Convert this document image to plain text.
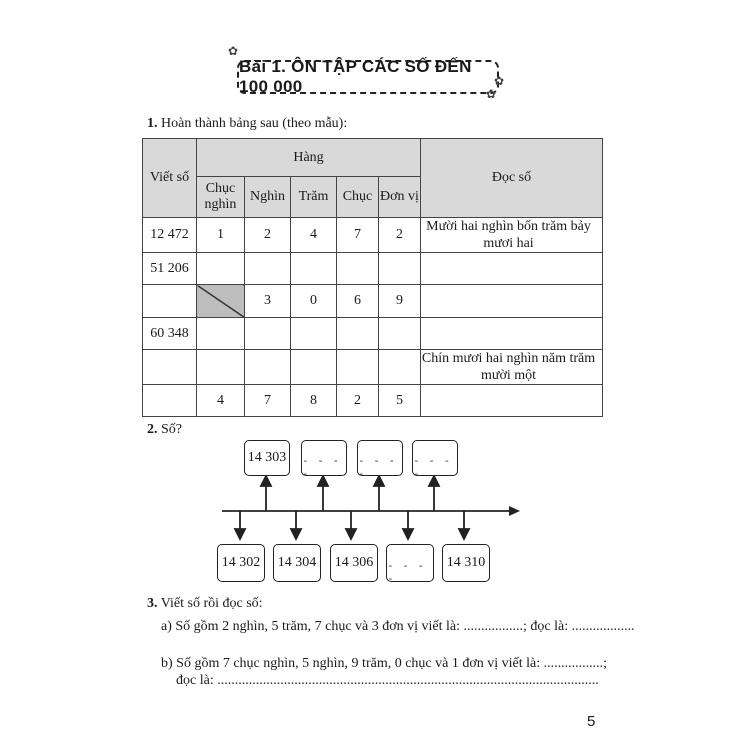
Bài 1. ÔN TẬP CÁC SỐ ĐẾN 100 000
✿
✿
✿
1. Hoàn thành bảng sau (theo mẫu):
Viết số	Hàng					Đọc số
	Chục nghìn	Nghìn	Trăm	Chục	Đơn vị	
12 472	1	2	4	7	2	Mười hai nghìn bốn trăm bảy mươi hai
51 206						
		3	0	6	9	
60 348						
						Chín mươi hai nghìn năm trăm mười một
	4	7	8	2	5	
2. Số?
14 303 - - - -
- - - -
- - - -
14 302 14 304 14 306 - - - -
14 310
3. Viết số rồi đọc số:
a) Số gồm 2 nghìn, 5 trăm, 7 chục và 3 đơn vị viết là: .................; đọc là: ..................
b) Số gồm 7 chục nghìn, 5 nghìn, 9 trăm, 0 chục và 1 đơn vị viết là: .................;
đọc là: .............................................................................................................
5
